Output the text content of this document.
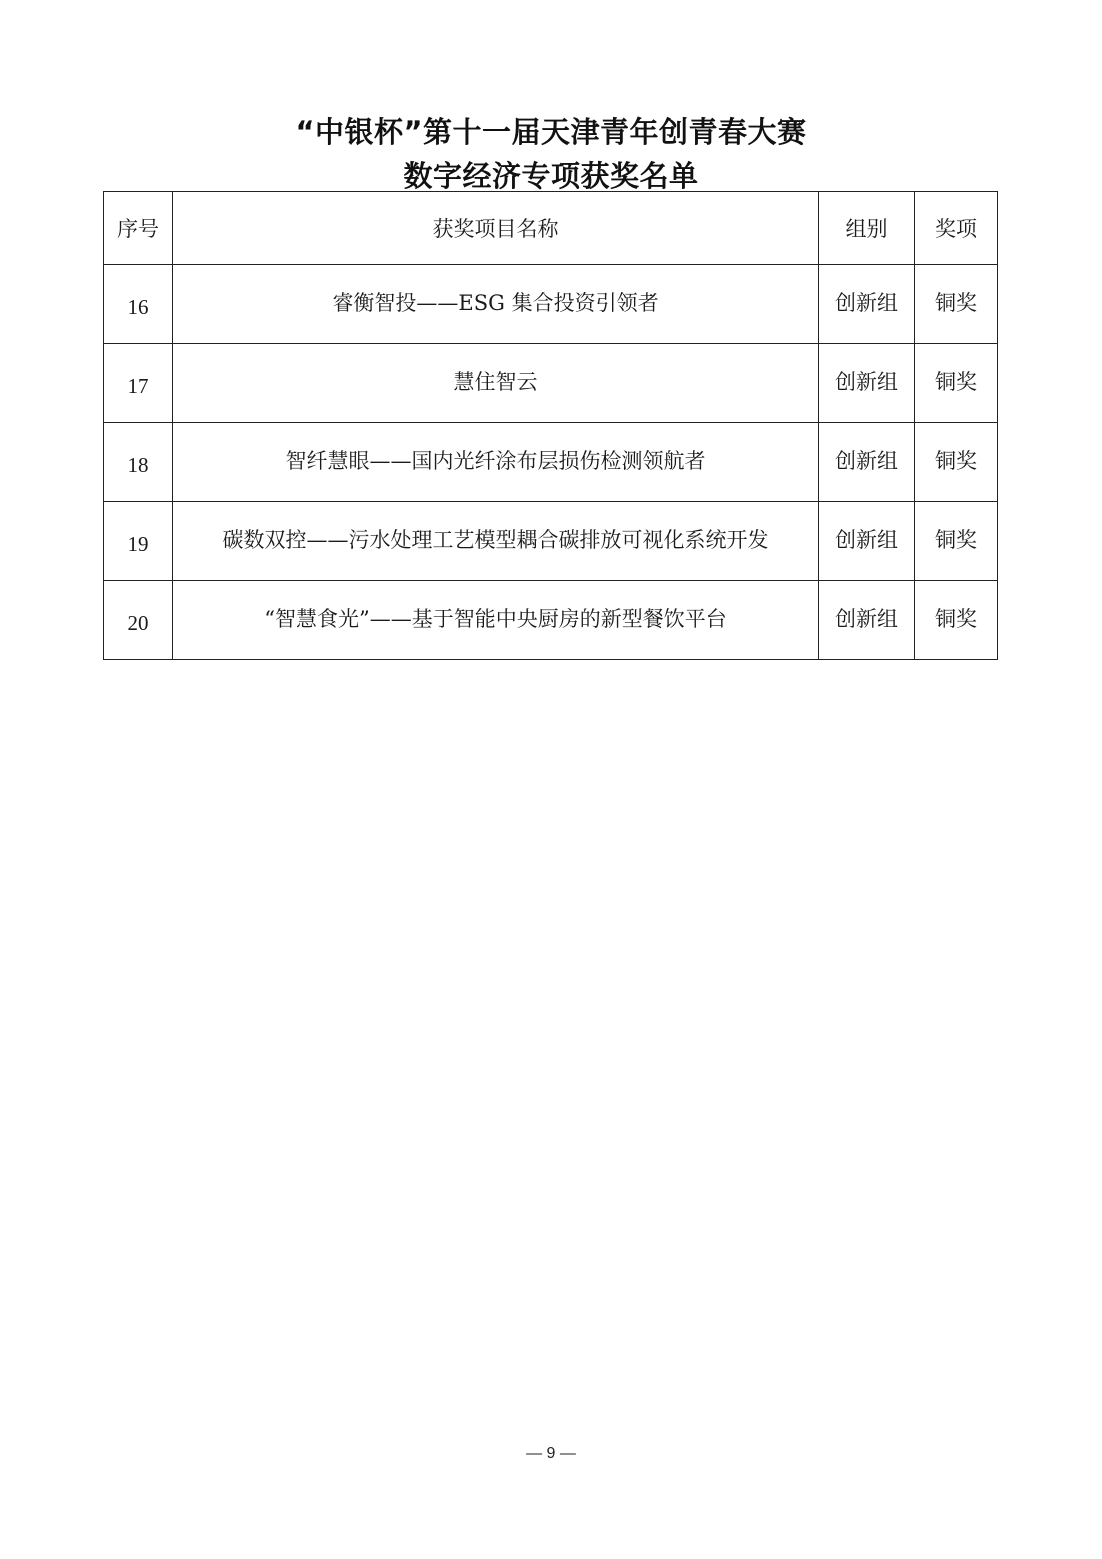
“中银杯”第十一届天津青年创青春大赛
数字经济专项获奖名单
序号	获奖项目名称	组别	奖项
16	睿衡智投——ESG 集合投资引领者	创新组	铜奖
17	慧住智云	创新组	铜奖
18	智纤慧眼——国内光纤涂布层损伤检测领航者	创新组	铜奖
19	碳数双控——污水处理工艺模型耦合碳排放可视化系统开发	创新组	铜奖
20	“智慧食光”——基于智能中央厨房的新型餐饮平台	创新组	铜奖
— 9 —
